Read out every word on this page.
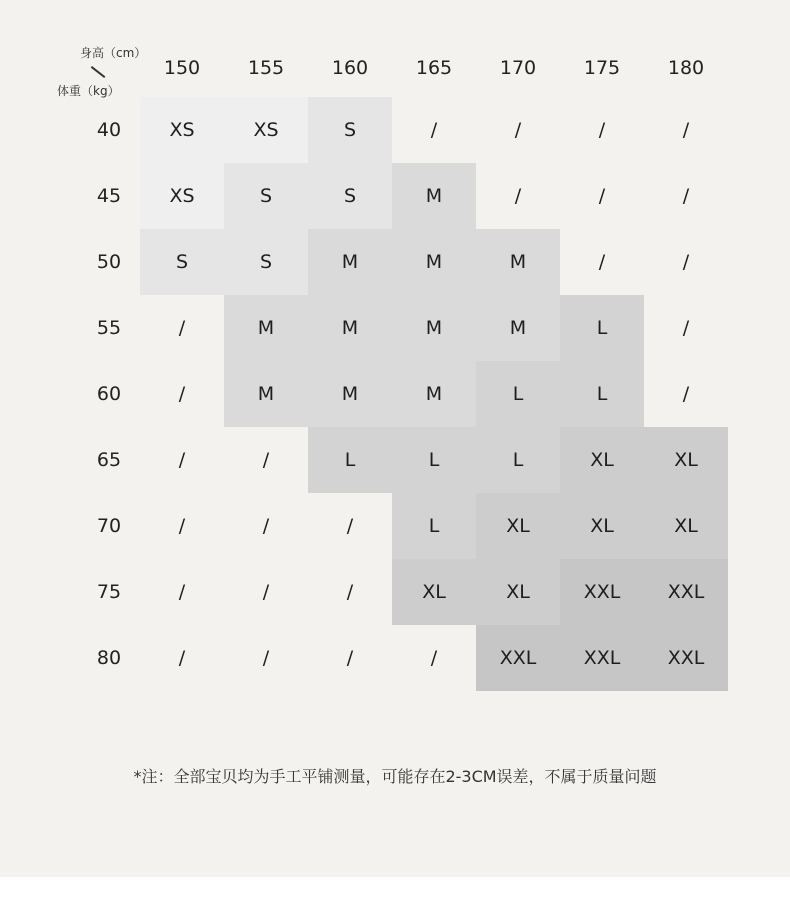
身高（cm）
体重（kg）
150	155	160	165	170	175	180
40	XS	XS	S	/	/	/	/
45	XS	S	S	M	/	/	/
50	S	S	M	M	M	/	/
55	/	M	M	M	M	L	/
60	/	M	M	M	L	L	/
65	/	/	L	L	L	XL	XL
70	/	/	/	L	XL	XL	XL
75	/	/	/	XL	XL	XXL	XXL
80	/	/	/	/	XXL	XXL	XXL
*注：全部宝贝均为手工平铺测量，可能存在2-3CM误差，不属于质量问题
